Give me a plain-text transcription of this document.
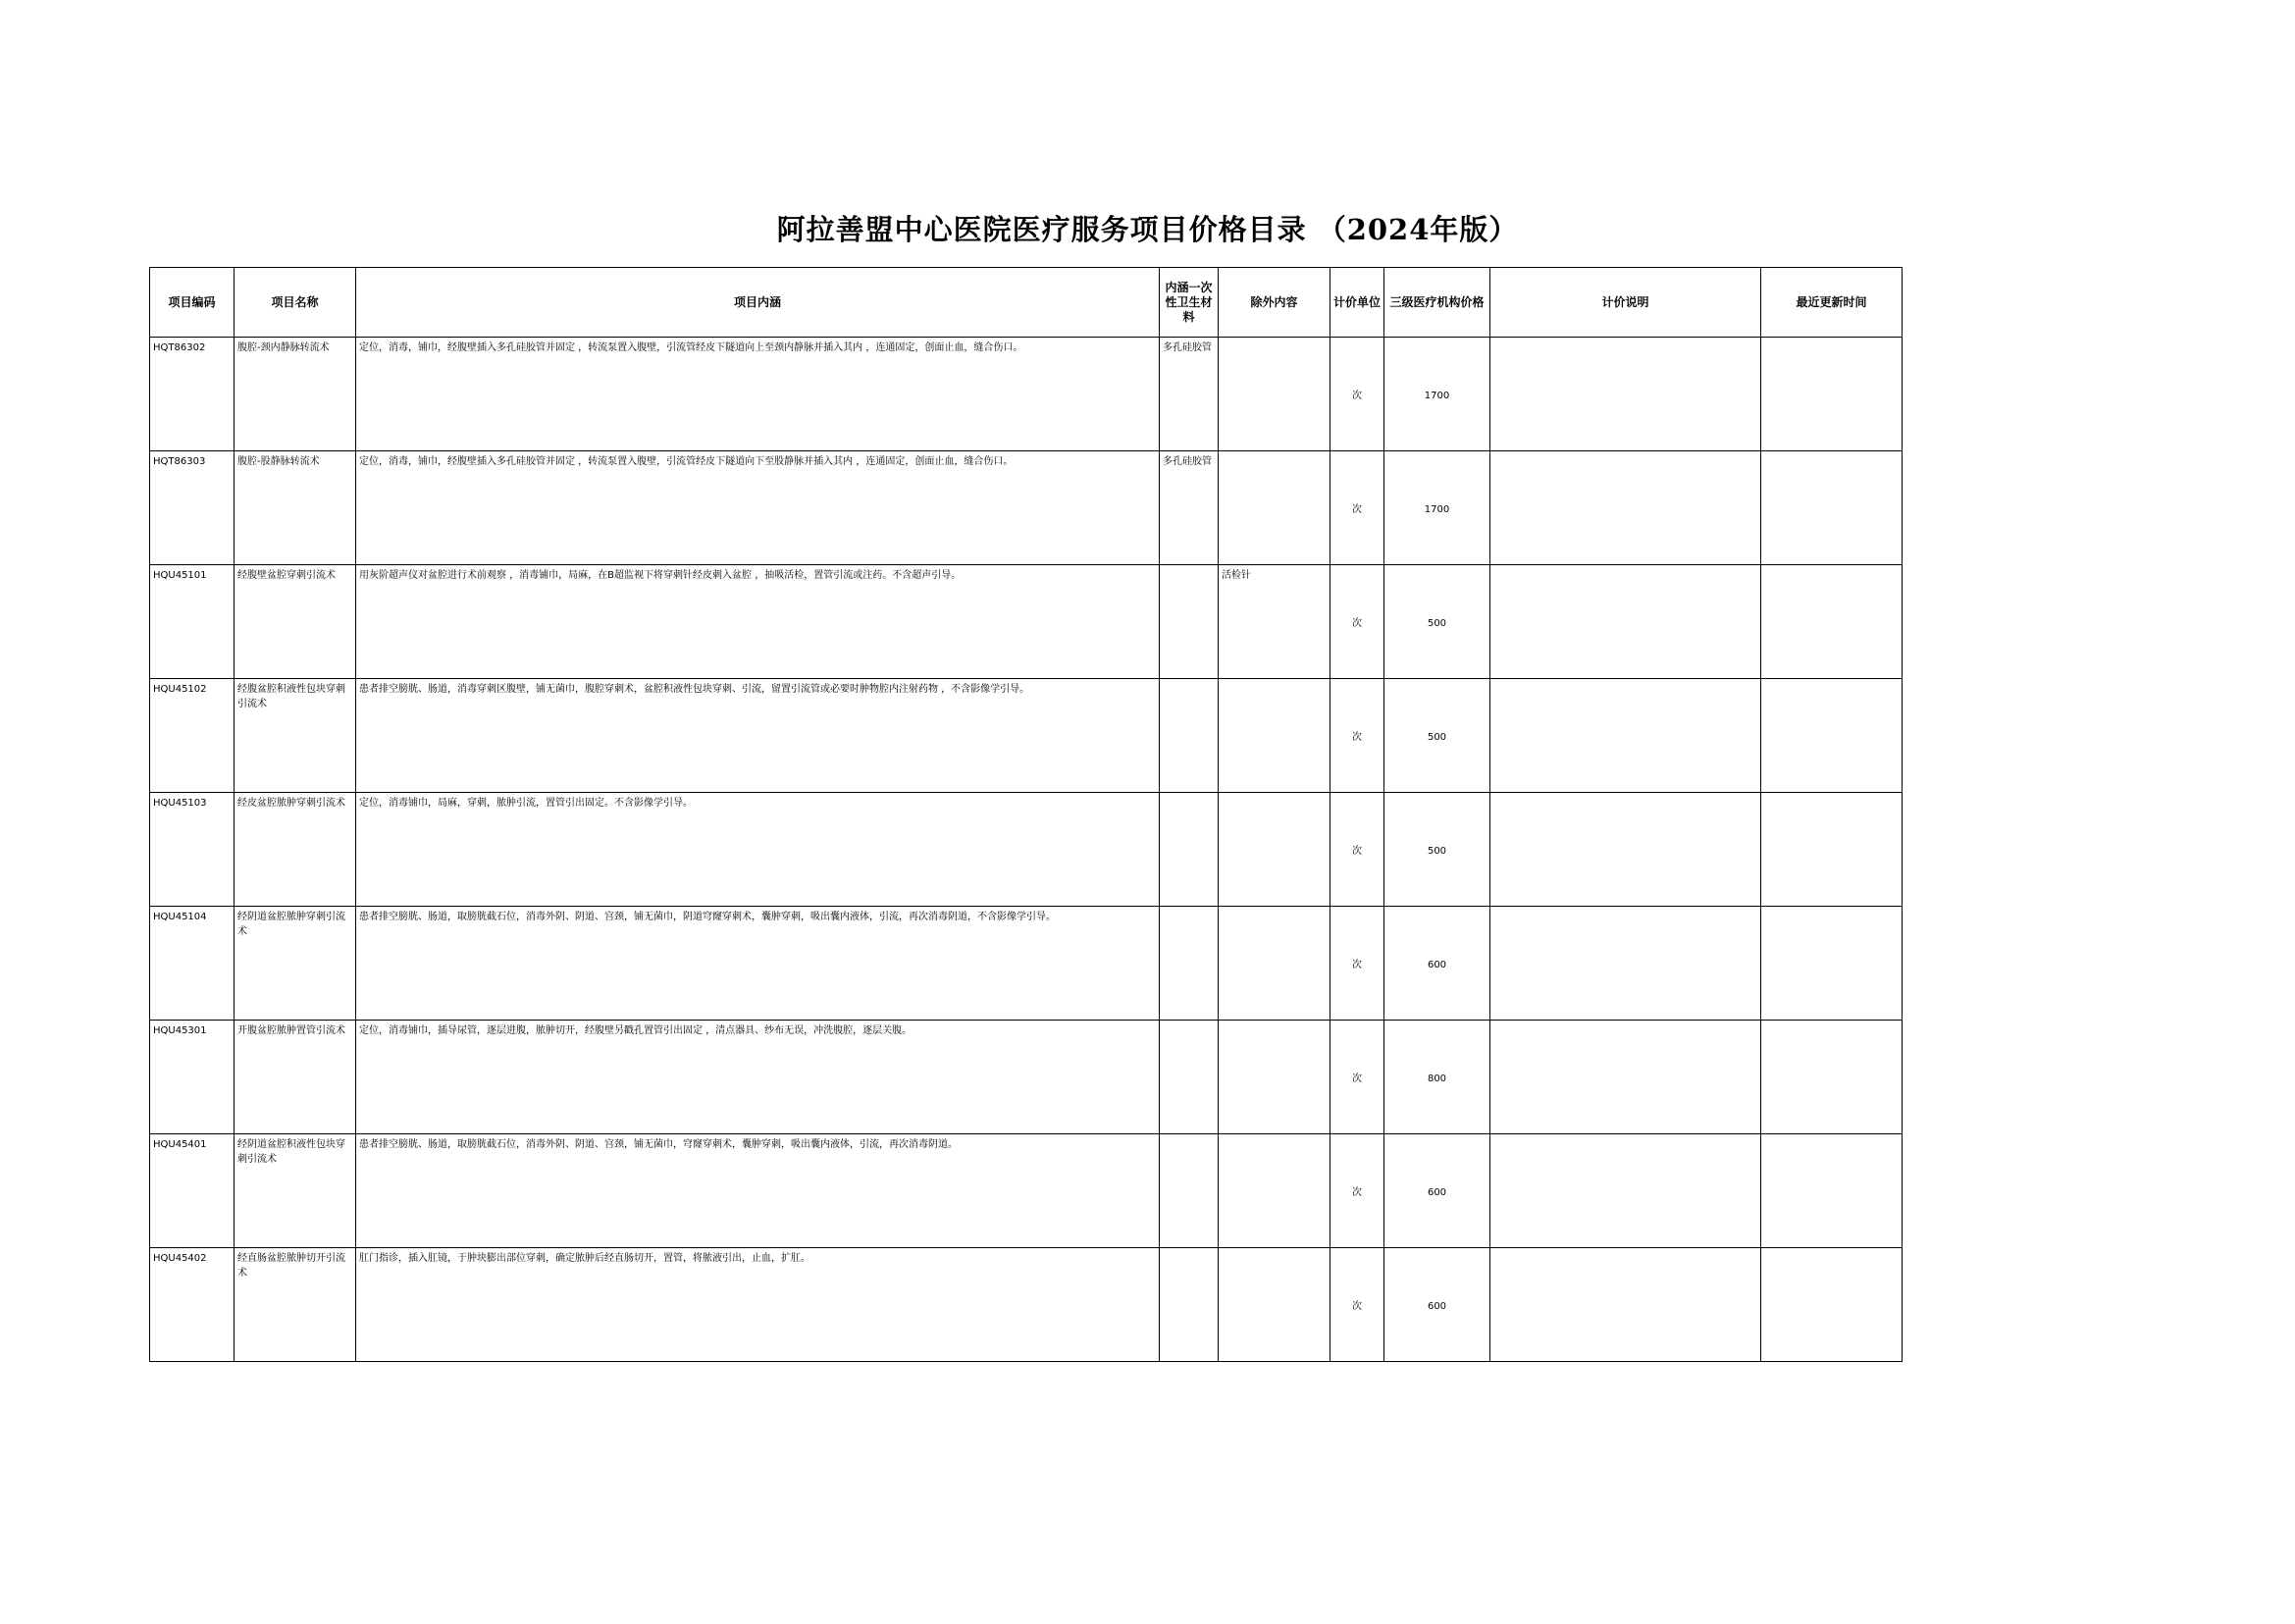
阿拉善盟中心医院医疗服务项目价格目录 （2024年版）
项目编码	项目名称	项目内涵	内涵一次性卫生材料	除外内容	计价单位	三级医疗机构价格	计价说明	最近更新时间
HQT86302	腹腔-颈内静脉转流术	定位，消毒，铺巾，经腹壁插入多孔硅胶管并固定 ，转流泵置入腹壁，引流管经皮下隧道向上至颈内静脉并插入其内 ，连通固定，创面止血，缝合伤口。	多孔硅胶管		次	1700		
HQT86303	腹腔-股静脉转流术	定位，消毒，铺巾，经腹壁插入多孔硅胶管并固定 ，转流泵置入腹壁，引流管经皮下隧道向下至股静脉并插入其内 ，连通固定，创面止血，缝合伤口。	多孔硅胶管		次	1700		
HQU45101	经腹壁盆腔穿刺引流术	用灰阶超声仪对盆腔进行术前观察 ，消毒铺巾，局麻，在B超监视下将穿刺针经皮刺入盆腔 ，抽吸活检，置管引流或注药。不含超声引导。		活检针	次	500		
HQU45102	经腹盆腔积液性包块穿刺引流术	患者排空膀胱、肠道，消毒穿刺区腹壁，铺无菌巾，腹腔穿刺术，盆腔积液性包块穿刺、引流，留置引流管或必要时肿物腔内注射药物 ，不含影像学引导。			次	500		
HQU45103	经皮盆腔脓肿穿刺引流术	定位，消毒铺巾，局麻，穿刺，脓肿引流，置管引出固定。不含影像学引导。			次	500		
HQU45104	经阴道盆腔脓肿穿刺引流术	患者排空膀胱、肠道，取膀胱截石位，消毒外阴、阴道、宫颈，铺无菌巾，阴道穹窿穿刺术，囊肿穿刺，吸出囊内液体，引流，再次消毒阴道，不含影像学引导。			次	600		
HQU45301	开腹盆腔脓肿置管引流术	定位，消毒铺巾，插导尿管，逐层进腹，脓肿切开，经腹壁另戳孔置管引出固定 ，清点器具、纱布无误，冲洗腹腔，逐层关腹。			次	800		
HQU45401	经阴道盆腔积液性包块穿刺引流术	患者排空膀胱、肠道，取膀胱截石位，消毒外阴、阴道、宫颈，铺无菌巾，穹窿穿刺术，囊肿穿刺，吸出囊内液体，引流，再次消毒阴道。			次	600		
HQU45402	经直肠盆腔脓肿切开引流术	肛门指诊，插入肛镜，于肿块膨出部位穿刺，确定脓肿后经直肠切开，置管，将脓液引出，止血，扩肛。			次	600		
